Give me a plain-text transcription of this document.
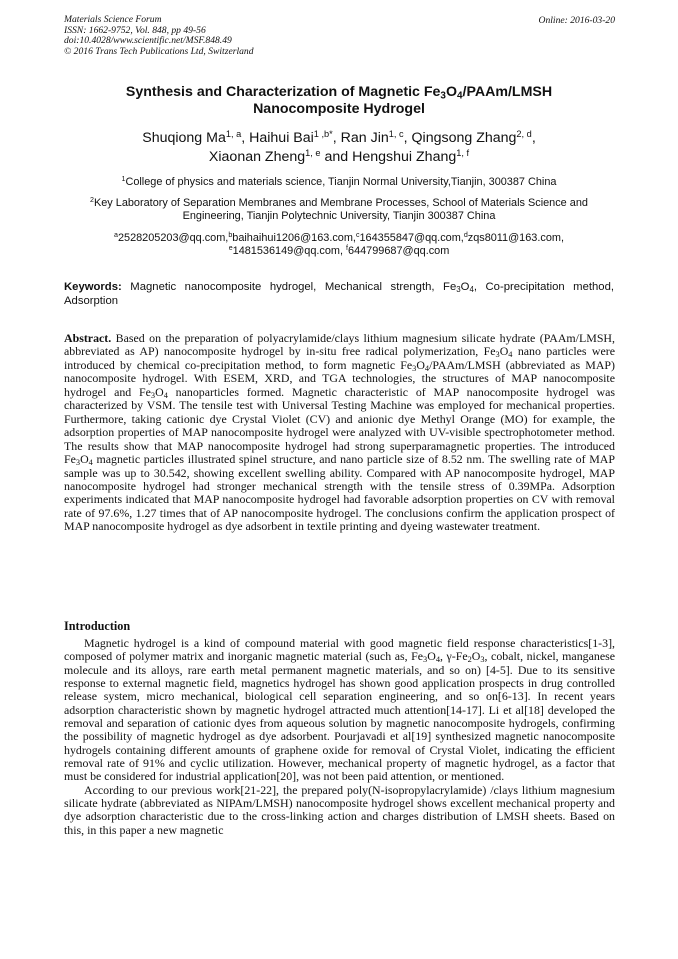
Materials Science Forum
ISSN: 1662-9752, Vol. 848, pp 49-56
doi:10.4028/www.scientific.net/MSF.848.49
© 2016 Trans Tech Publications Ltd, Switzerland
Online: 2016-03-20
Synthesis and Characterization of Magnetic $Fe_3O_4/PAAm$/LMSH
Nanocomposite Hydrogel
Shuqiong Ma$^{1, a}$, Haihui Bai$^{1 ,b*}$, Ran Jin$^{1, c}$, Qingsong Zhang$^{2, d}$,
Xiaonan Zheng$^{1, e}$ and Hengshui Zhang$^{1, f}$
$^1$College of physics and materials science, Tianjin Normal University,Tianjin, 300387 China
$^2$Key Laboratory of Separation Membranes and Membrane Processes, School of Materials Science and Engineering, Tianjin Polytechnic University, Tianjin 300387 China
$^a$2528205203@qq.com,$^b$baihaihui1206@163.com,$^c$164355847@qq.com,$^d$zqs8011@163.com,
$^e$1481536149@qq.com, $^f$644799687@qq.com
Keywords: Magnetic nanocomposite hydrogel, Mechanical strength, $Fe_3O_4$, Co-precipitation method, Adsorption
Abstract. Based on the preparation of polyacrylamide/clays lithium magnesium silicate hydrate (PAAm/LMSH, abbreviated as AP) nanocomposite hydrogel by in-situ free radical polymerization, $Fe_3O_4$ nano particles were introduced by chemical co-precipitation method, to form magnetic $Fe_3O_4/PAAm$/LMSH (abbreviated as MAP) nanocomposite hydrogel. With ESEM, XRD, and TGA technologies, the structures of MAP nanocomposite hydrogel and $Fe_3O_4$ nanoparticles formed. Magnetic characteristic of MAP nanocomposite hydrogel was characterized by VSM. The tensile test with Universal Testing Machine was employed for mechanical properties. Furthermore, taking cationic dye Crystal Violet (CV) and anionic dye Methyl Orange (MO) for example, the adsorption properties of MAP nanocomposite hydrogel were analyzed with UV-visible spectrophotometer method. The results show that MAP nanocomposite hydrogel had strong superparamagnetic properties. The introduced $Fe_3O_4$ magnetic particles illustrated spinel structure, and nano particle size of 8.52 nm. The swelling rate of MAP sample was up to 30.542, showing excellent swelling ability. Compared with AP nanocomposite hydrogel, MAP nanocomposite hydrogel had stronger mechanical strength with the tensile stress of 0.39MPa. Adsorption experiments indicated that MAP nanocomposite hydrogel had favorable adsorption properties on CV with removal rate of 97.6%, 1.27 times that of AP nanocomposite hydrogel. The conclusions confirm the application prospect of MAP nanocomposite hydrogel as dye adsorbent in textile printing and dyeing wastewater treatment.
Introduction

Magnetic hydrogel is a kind of compound material with good magnetic field response characteristics[1-3], composed of polymer matrix and inorganic magnetic material (such as, $Fe_3O_4$, $\gamma-Fe_2O_3$, cobalt, nickel, manganese molecule and its alloys, rare earth metal permanent magnetic materials, and so on) [4-5]. Due to its sensitive response to external magnetic field, magnetics hydrogel has shown good application prospects in drug controlled release system, micro mechanical, biological cell separation engineering, and so on[6-13]. In recent years adsorption characteristic shown by magnetic hydrogel attracted much attention[14-17]. Li et al[18] developed the removal and separation of cationic dyes from aqueous solution by magnetic nanocomposite hydrogels, confirming the possibility of magnetic hydrogel as dye adsorbent. Pourjavadi et al[19] synthesized magnetic nanocomposite hydrogels containing different amounts of graphene oxide for removal of Crystal Violet, indicating the efficient removal rate of 91% and cyclic utilization. However, mechanical property of magnetic hydrogel, as a factor that must be considered for industrial application[20], was not been paid attention, or mentioned.

According to our previous work[21-22], the prepared poly(N-isopropylacrylamide) /clays lithium magnesium silicate hydrate (abbreviated as NIPAm/LMSH) nanocomposite hydrogel shows excellent mechanical property and dye adsorption characteristic due to the cross-linking action and charges distribution of LMSH sheets. Based on this, in this paper a new magnetic
